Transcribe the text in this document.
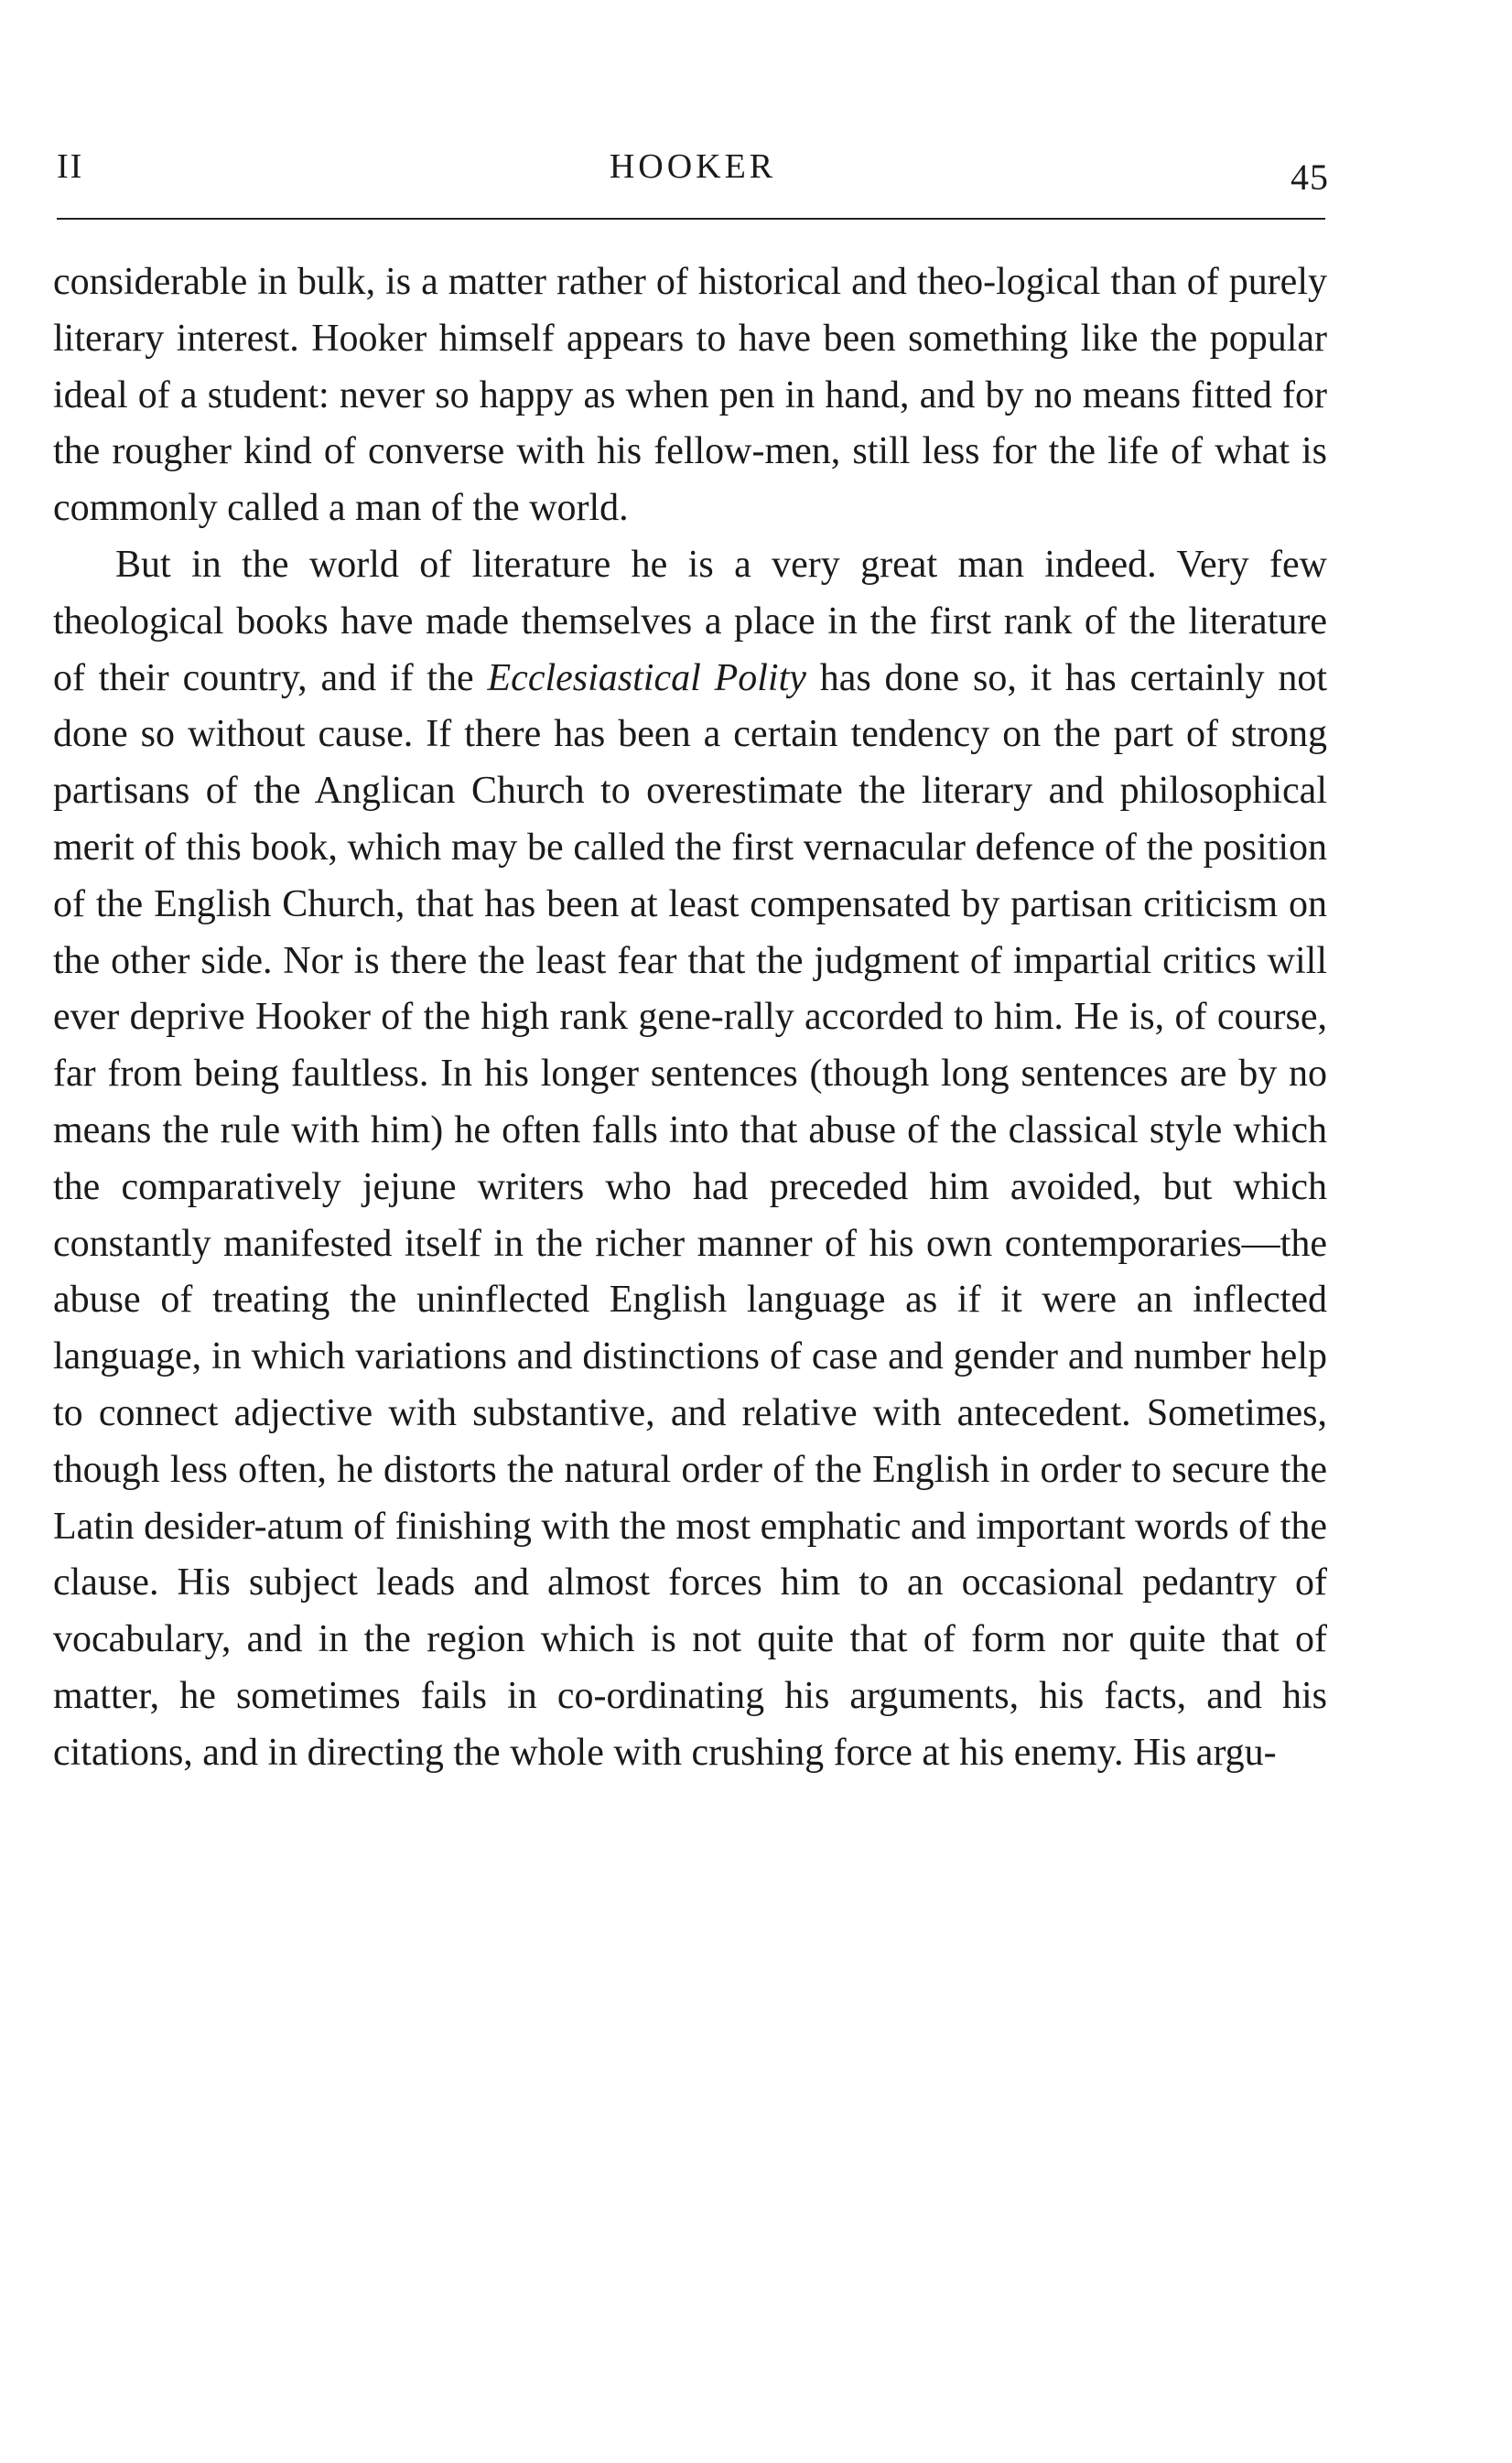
II	HOOKER	45

considerable in bulk, is a matter rather of historical and theo-logical than of purely literary interest. Hooker himself appears to have been something like the popular ideal of a student: never so happy as when pen in hand, and by no means fitted for the rougher kind of converse with his fellow-men, still less for the life of what is commonly called a man of the world.

But in the world of literature he is a very great man indeed. Very few theological books have made themselves a place in the first rank of the literature of their country, and if the Ecclesiastical Polity has done so, it has certainly not done so without cause. If there has been a certain tendency on the part of strong partisans of the Anglican Church to overestimate the literary and philosophical merit of this book, which may be called the first vernacular defence of the position of the English Church, that has been at least compensated by partisan criticism on the other side. Nor is there the least fear that the judgment of impartial critics will ever deprive Hooker of the high rank gene-rally accorded to him. He is, of course, far from being faultless. In his longer sentences (though long sentences are by no means the rule with him) he often falls into that abuse of the classical style which the comparatively jejune writers who had preceded him avoided, but which constantly manifested itself in the richer manner of his own contemporaries—the abuse of treating the uninflected English language as if it were an inflected language, in which variations and distinctions of case and gender and number help to connect adjective with substantive, and relative with antecedent. Sometimes, though less often, he distorts the natural order of the English in order to secure the Latin desider-atum of finishing with the most emphatic and important words of the clause. His subject leads and almost forces him to an occasional pedantry of vocabulary, and in the region which is not quite that of form nor quite that of matter, he sometimes fails in co-ordinating his arguments, his facts, and his citations, and in directing the whole with crushing force at his enemy. His argu-
